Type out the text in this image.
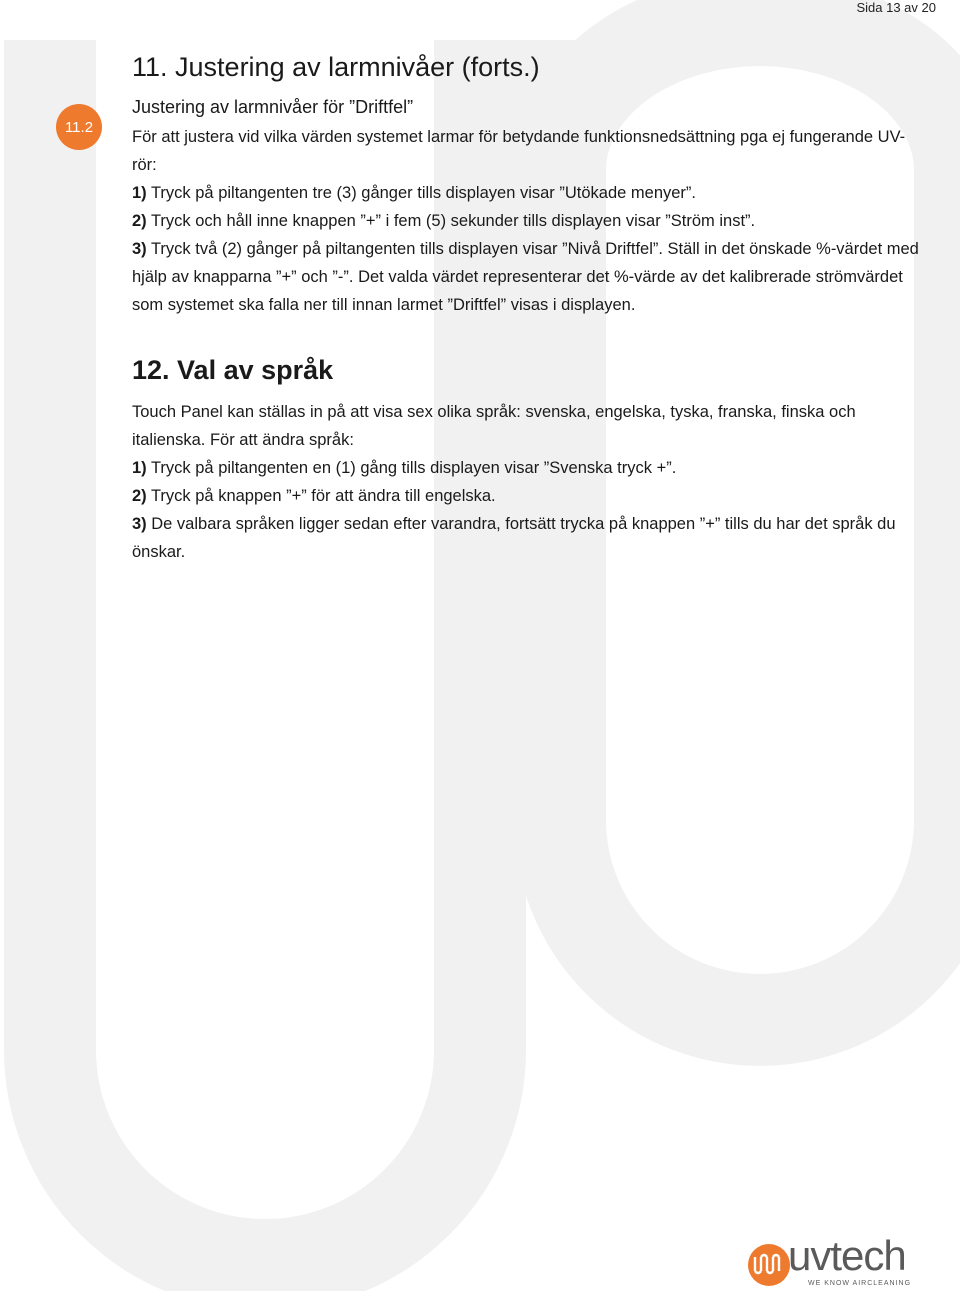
Sida 13 av 20
11.2
11. Justering av larmnivåer (forts.)
Justering av larmnivåer för ”Driftfel”

För att justera vid vilka värden systemet larmar för betydande funktionsnedsättning pga ej fungerande UV-rör:

1) Tryck på piltangenten tre (3) gånger tills displayen visar ”Utökade menyer”.
2) Tryck och håll inne knappen ”+” i fem (5) sekunder tills displayen visar ”Ström inst”.
3) Tryck två (2) gånger på piltangenten tills displayen visar ”Nivå Driftfel”. Ställ in det önskade %-värdet med hjälp av knapparna ”+” och ”-”. Det valda värdet representerar det %-värde av det kalibrerade strömvärdet som systemet ska falla ner till innan larmet ”Driftfel” visas i displayen.
12. Val av språk

Touch Panel kan ställas in på att visa sex olika språk: svenska, engelska, tyska, franska, finska och italienska. För att ändra språk:

1) Tryck på piltangenten en (1) gång tills displayen visar ”Svenska tryck +”.
2) Tryck på knappen ”+” för att ändra till engelska.
3) De valbara språken ligger sedan efter varandra, fortsätt trycka på knappen ”+” tills du har det språk du önskar.
uvtech
WE KNOW AIRCLEANING
